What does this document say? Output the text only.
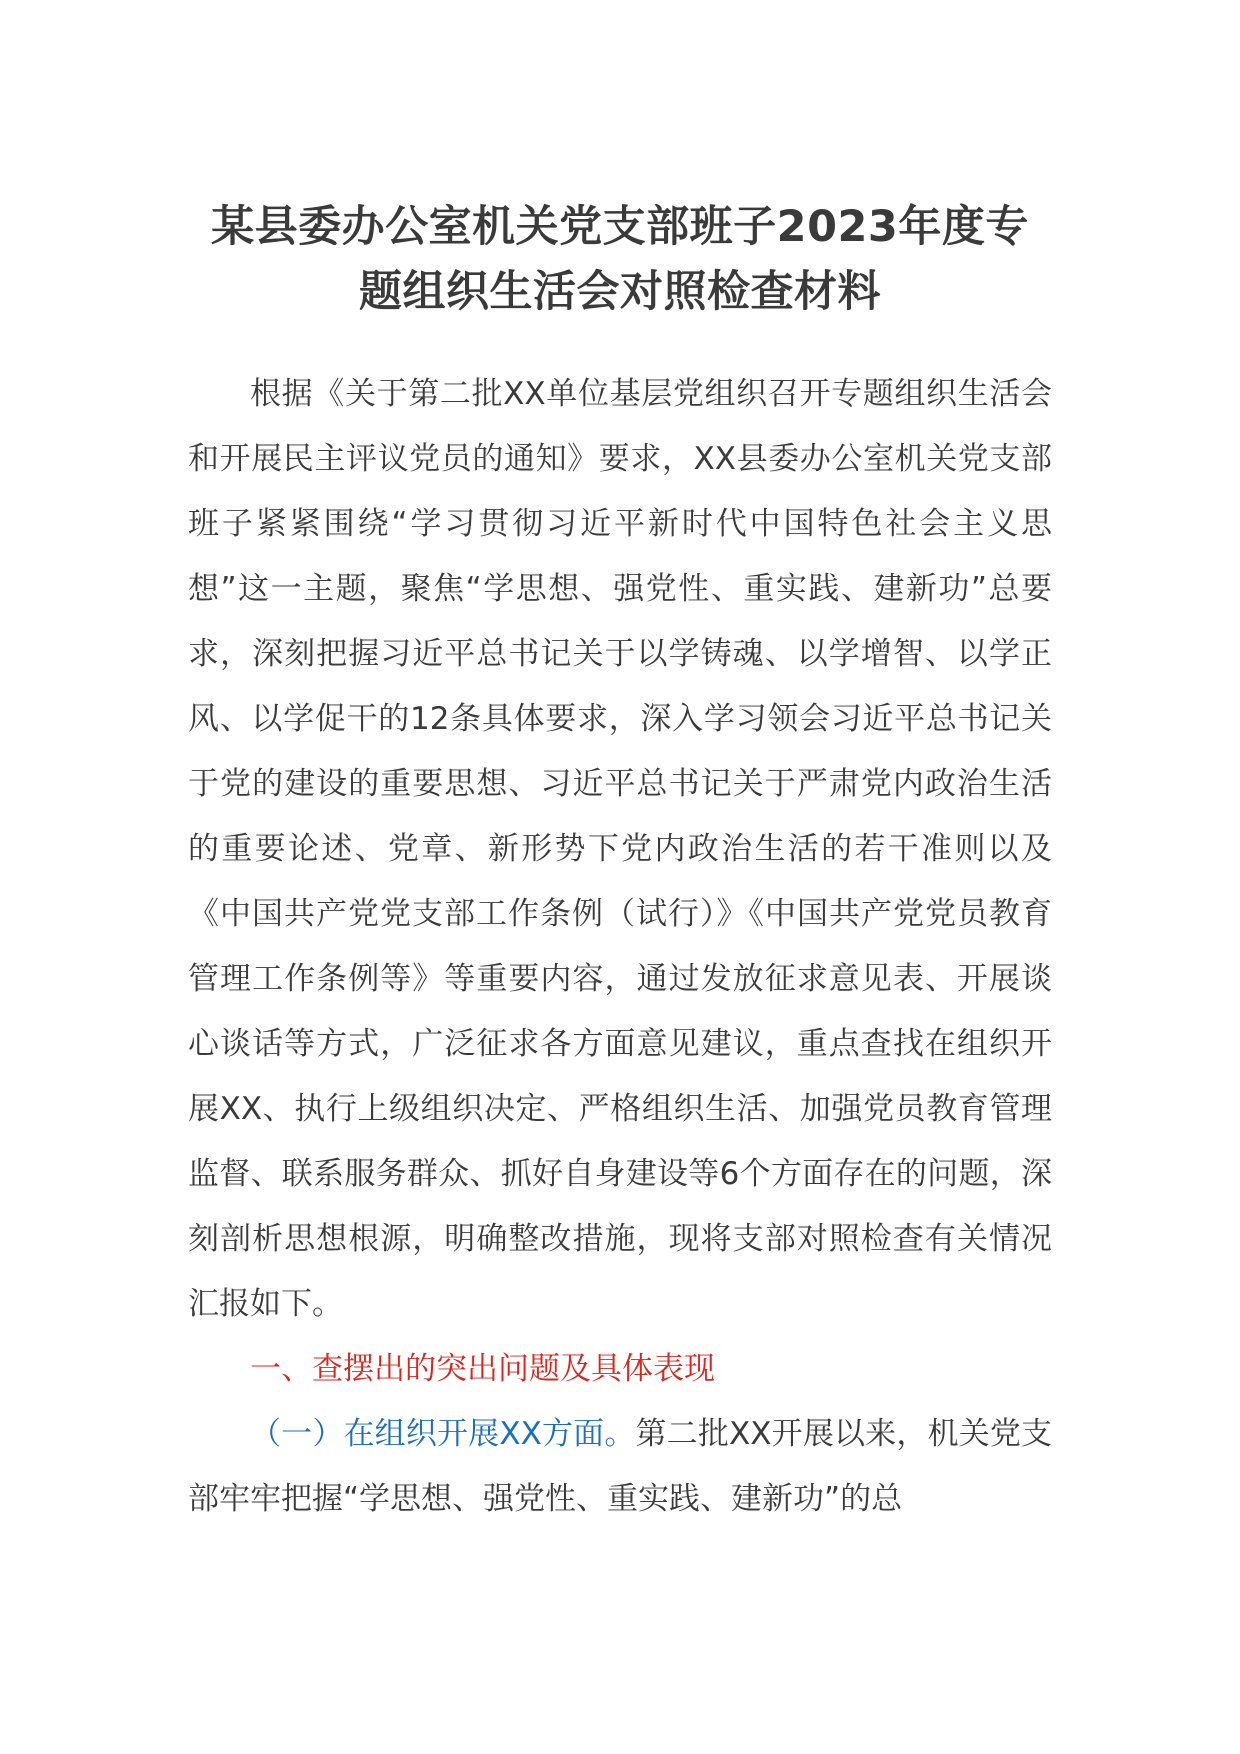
某县委办公室机关党支部班子2023年度专
题组织生活会对照检查材料

根据《关于第二批XX单位基层党组织召开专题组织生活会和开展民主评议党员的通知》要求，XX县委办公室机关党支部班子紧紧围绕“学习贯彻习近平新时代中国特色社会主义思想”这一主题，聚焦“学思想、强党性、重实践、建新功”总要求，深刻把握习近平总书记关于以学铸魂、以学增智、以学正风、以学促干的12条具体要求，深入学习领会习近平总书记关于党的建设的重要思想、习近平总书记关于严肃党内政治生活的重要论述、党章、新形势下党内政治生活的若干准则以及《中国共产党党支部工作条例（试行）》《中国共产党党员教育管理工作条例等》等重要内容，通过发放征求意见表、开展谈心谈话等方式，广泛征求各方面意见建议，重点查找在组织开展XX、执行上级组织决定、严格组织生活、加强党员教育管理监督、联系服务群众、抓好自身建设等6个方面存在的问题，深刻剖析思想根源，明确整改措施，现将支部对照检查有关情况汇报如下。

一、查摆出的突出问题及具体表现

（一）在组织开展XX方面。第二批XX开展以来，机关党支部牢牢把握“学思想、强党性、重实践、建新功”的总
